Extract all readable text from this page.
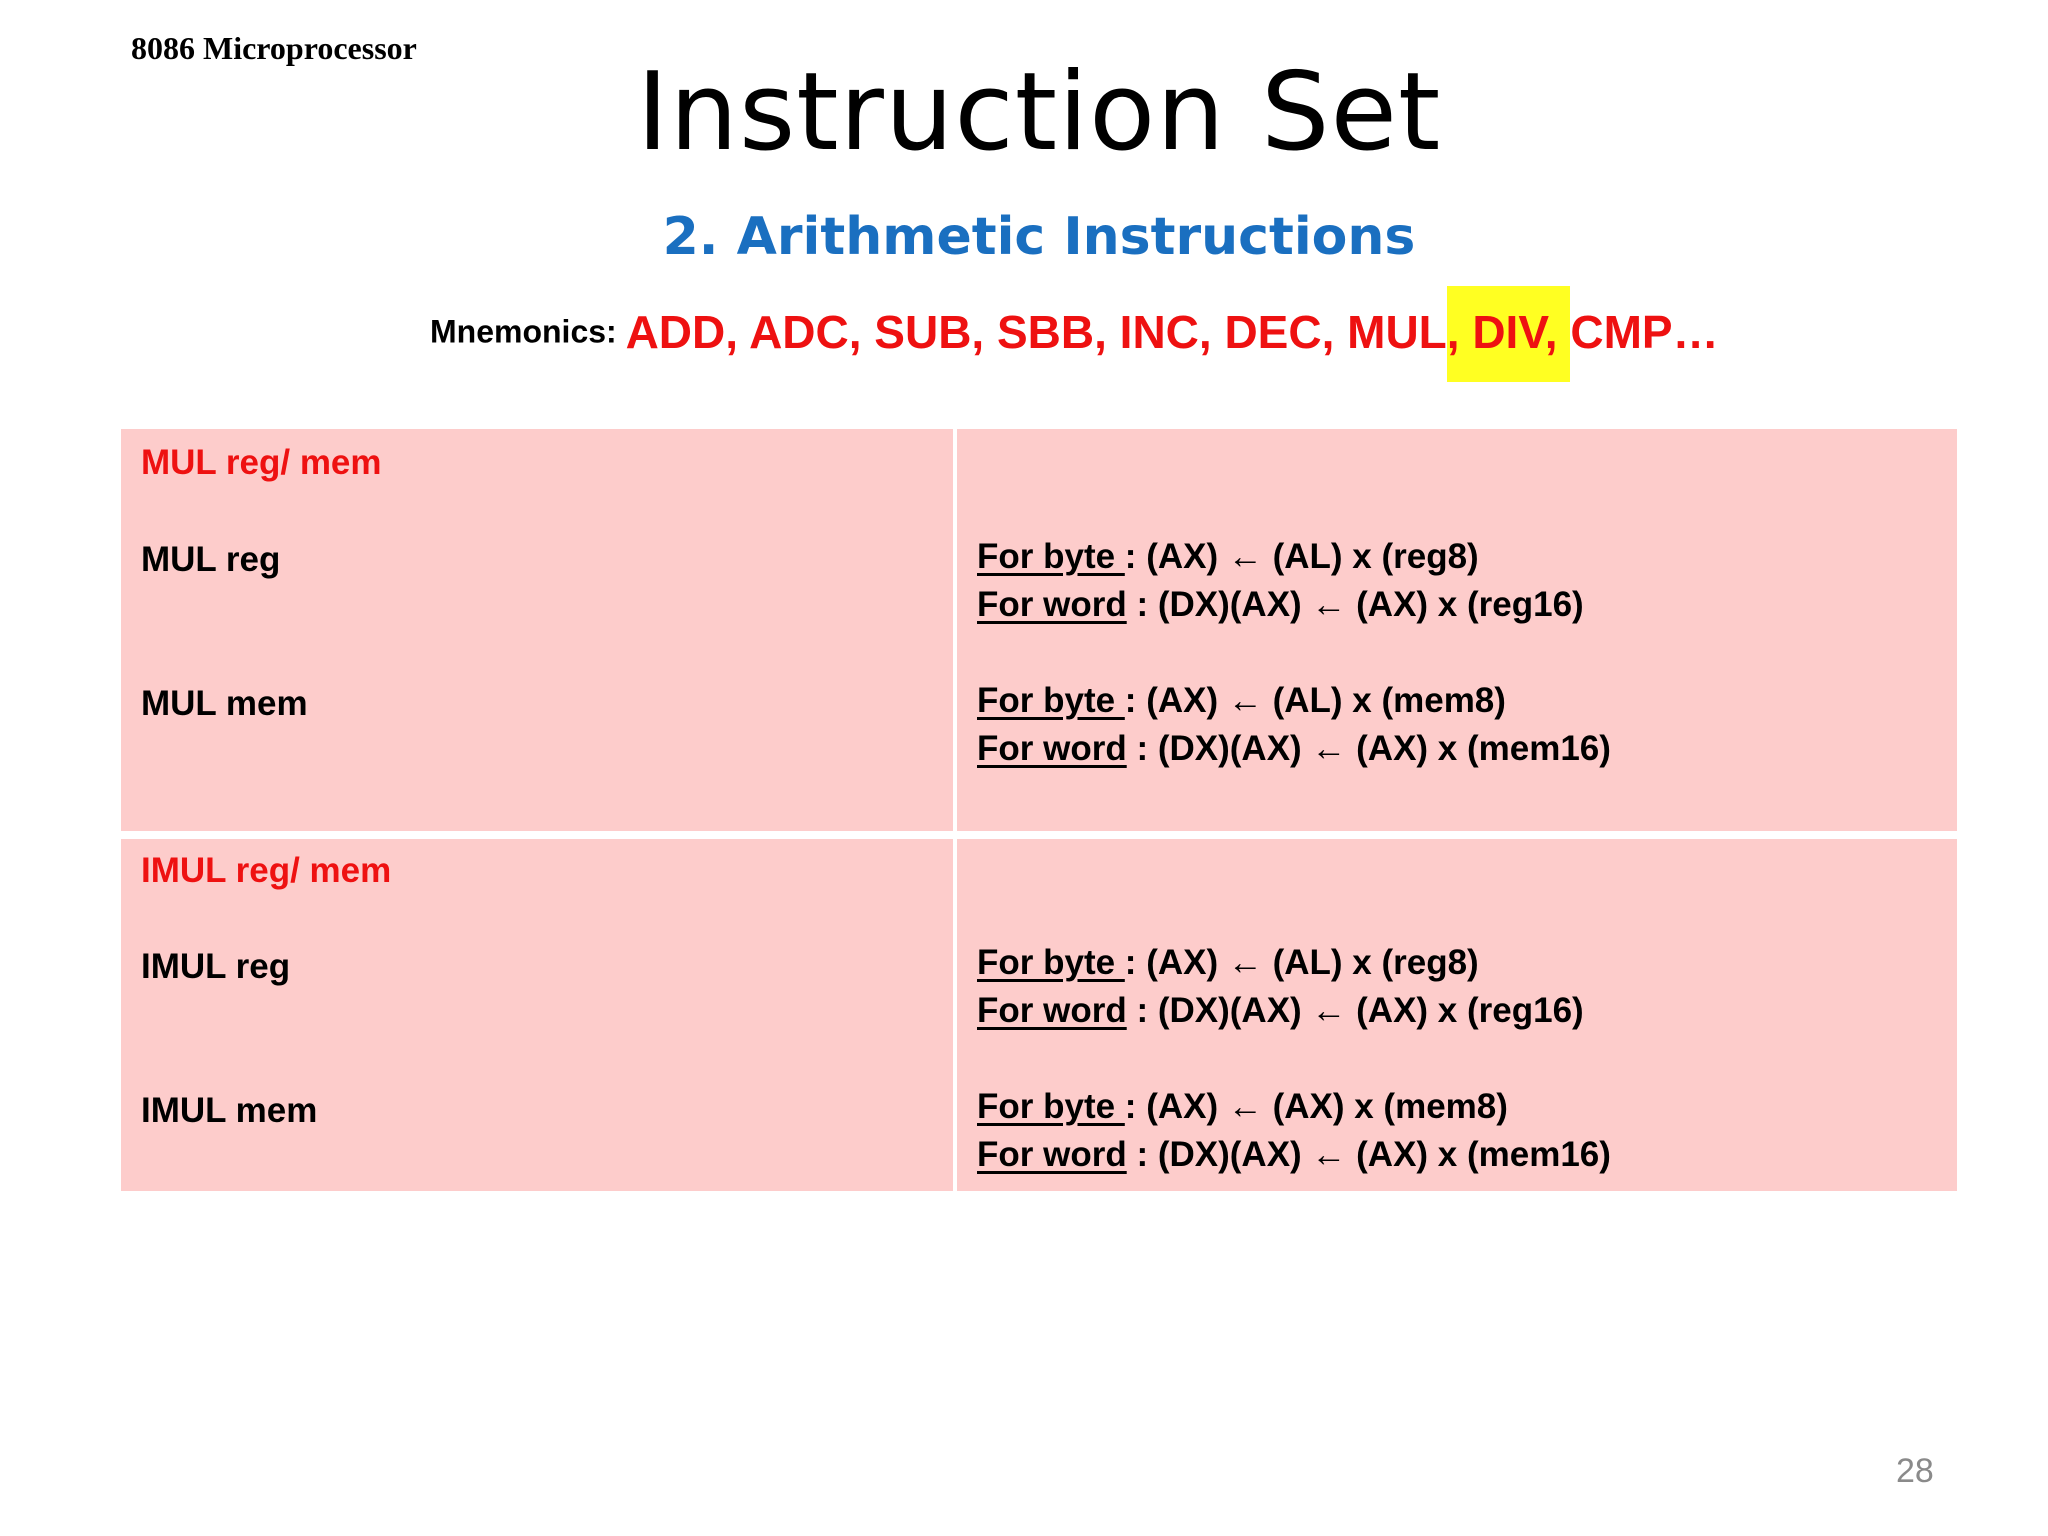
8086 Microprocessor
Instruction Set
2. Arithmetic Instructions
Mnemonics: ADD, ADC, SUB, SBB, INC, DEC, MUL, DIV, CMP…
MUL reg/ mem
MUL reg
MUL mem
For byte : (AX) ← (AL) x (reg8)
For word : (DX)(AX) ← (AX) x (reg16)
For byte : (AX) ← (AL) x (mem8)
For word : (DX)(AX) ← (AX) x (mem16)
IMUL reg/ mem
IMUL reg
IMUL mem
For byte : (AX) ← (AL) x (reg8)
For word : (DX)(AX) ← (AX) x (reg16)
For byte : (AX) ← (AX) x (mem8)
For word : (DX)(AX) ← (AX) x (mem16)
28
